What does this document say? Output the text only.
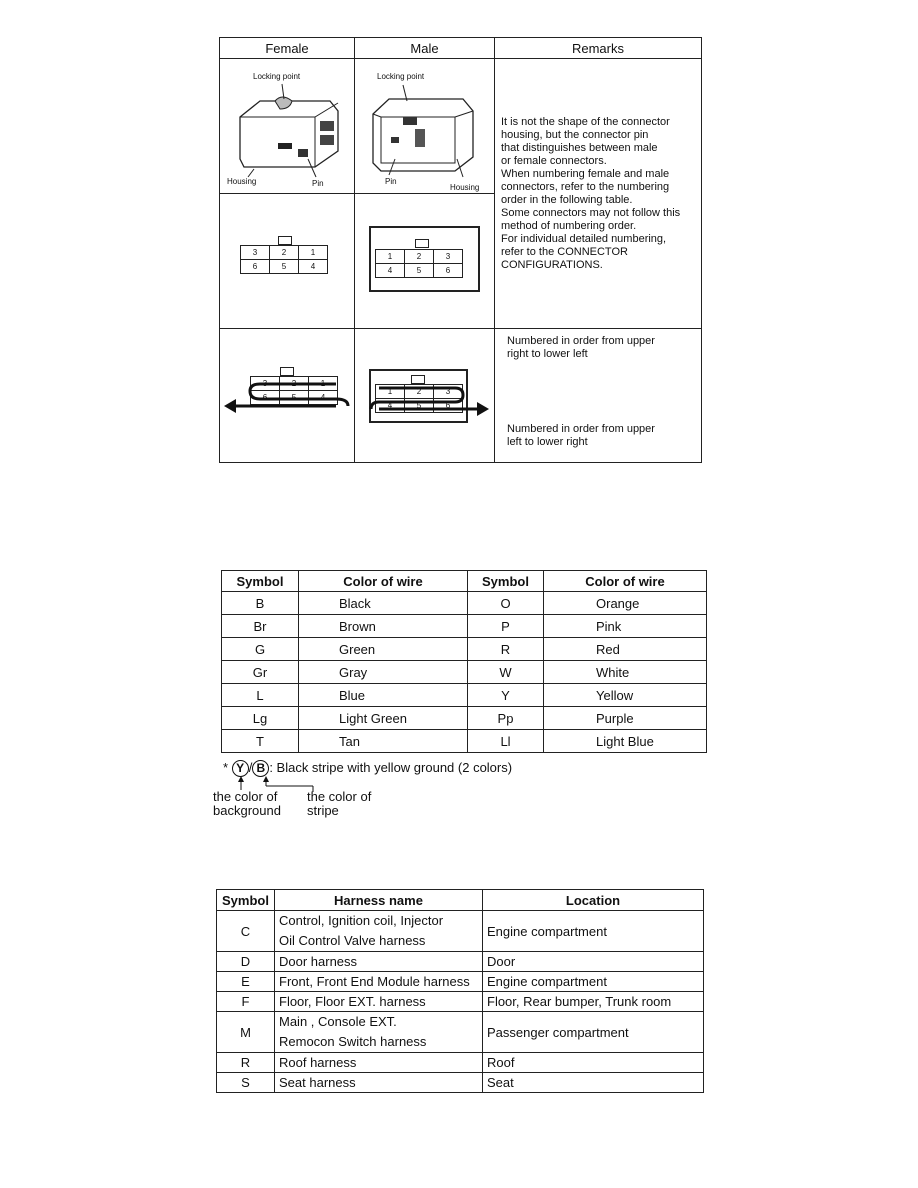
Female	Male	Remarks

Locking point
Housing	Pin

Locking point
Pin
Housing

It is not the shape of the connector
housing, but the connector pin
that distinguishes between male
or female connectors.
When numbering female and male
connectors, refer to the numbering
order in the following table.
Some connectors may not follow this
method of numbering order.
For individual detailed numbering,
refer to the CONNECTOR
CONFIGURATIONS.

3	2	1
6	5	4

1	2	3
4	5	6

3	2	1
6	5	4

1	2	3
4	5	6

Numbered in order from upper
right to lower left
Numbered in order from upper
left to lower right
Symbol	Color of wire	Symbol	Color of wire
B	Black	O	Orange
Br	Brown	P	Pink
G	Green	R	Red
Gr	Gray	W	White
L	Blue	Y	Yellow
Lg	Light Green	Pp	Purple
T	Tan	Ll	Light Blue
* Y / B : Black stripe with yellow ground (2 colors)
the color of
background
the color of
stripe
Symbol	Harness name	Location
C	Control, Ignition coil, Injector
Oil Control Valve harness	Engine compartment
D	Door harness	Door
E	Front, Front End Module harness	Engine compartment
F	Floor, Floor EXT. harness	Floor, Rear bumper, Trunk room
M	Main , Console EXT.
Remocon Switch harness	Passenger compartment
R	Roof harness	Roof
S	Seat harness	Seat
